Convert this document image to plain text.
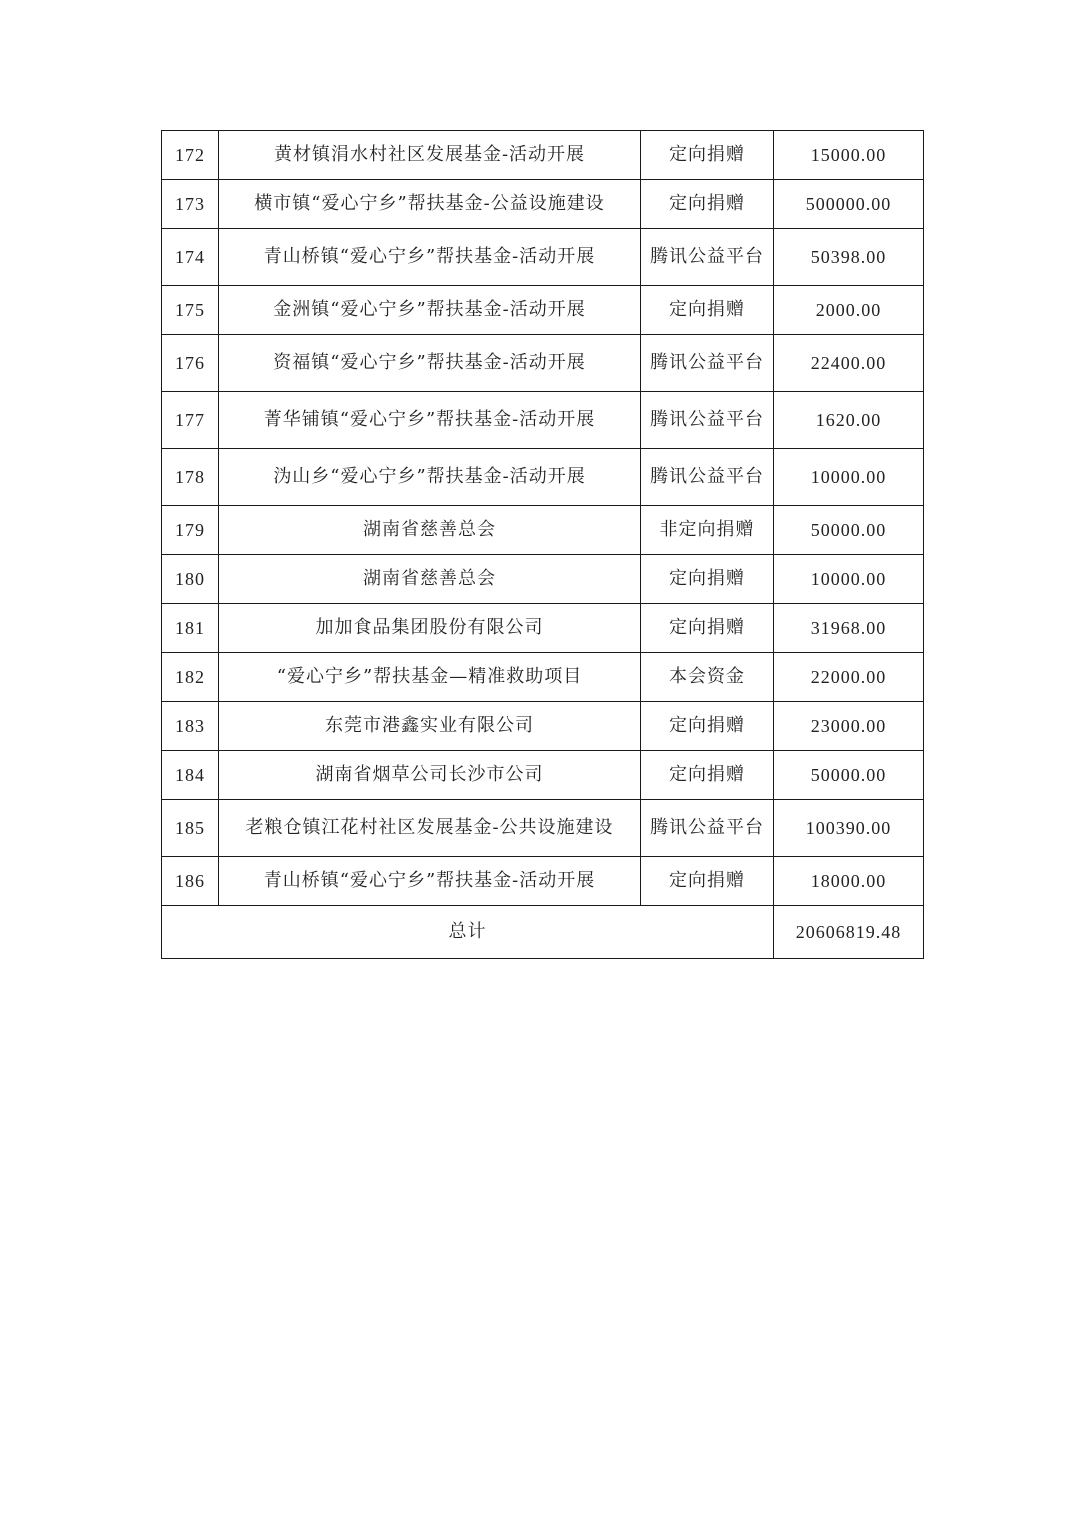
172	黄材镇涓水村社区发展基金-活动开展	定向捐赠	15000.00
173	横市镇“爱心宁乡”帮扶基金-公益设施建设	定向捐赠	500000.00
174	青山桥镇“爱心宁乡”帮扶基金-活动开展	腾讯公益平台	50398.00
175	金洲镇“爱心宁乡”帮扶基金-活动开展	定向捐赠	2000.00
176	资福镇“爱心宁乡”帮扶基金-活动开展	腾讯公益平台	22400.00
177	菁华铺镇“爱心宁乡”帮扶基金-活动开展	腾讯公益平台	1620.00
178	沩山乡“爱心宁乡”帮扶基金-活动开展	腾讯公益平台	10000.00
179	湖南省慈善总会	非定向捐赠	50000.00
180	湖南省慈善总会	定向捐赠	10000.00
181	加加食品集团股份有限公司	定向捐赠	31968.00
182	“爱心宁乡”帮扶基金—精准救助项目	本会资金	22000.00
183	东莞市港鑫实业有限公司	定向捐赠	23000.00
184	湖南省烟草公司长沙市公司	定向捐赠	50000.00
185	老粮仓镇江花村社区发展基金-公共设施建设	腾讯公益平台	100390.00
186	青山桥镇“爱心宁乡”帮扶基金-活动开展	定向捐赠	18000.00
总计			20606819.48
